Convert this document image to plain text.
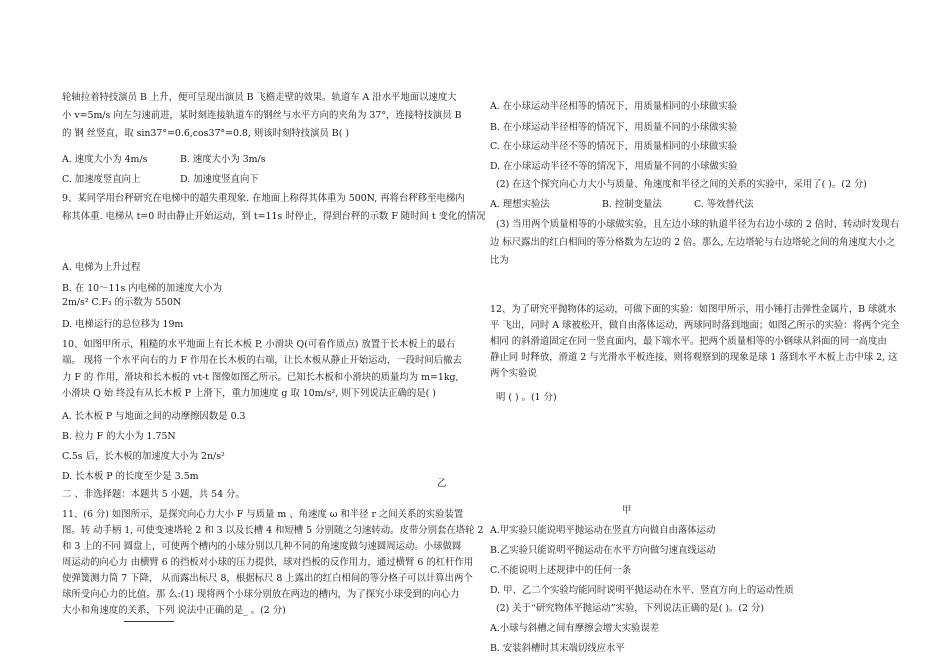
轮轴拉着特技演员 B 上升，便可呈现出演员 B 飞檐走壁的效果。轨道车 A 沿水平地面以速度大
小 v=5m/s 向左匀速前进，某时刻连接轨道车的钢丝与水平方向的夹角为 37°，连接特技演员 B
的 钢 丝竖直，取 sin37°=0.6,cos37°=0.8, 则该时刻特技演员 B( )
A. 速度大小为 4m/s	B. 速度大小为 3m/s
C. 加速度竖直向上	D. 加速度竖直向下
9、某同学用台秤研究在电梯中的超失重现象. 在地面上称得其体重为 500N, 再将台秤移至电梯内
称其体重. 电梯从 t=0 时由静止开始运动，到 t=11s 时停止，得到台秤的示数 F 随时间 t 变化的情况
A. 电梯为上升过程
B. 在 10～11s 内电梯的加速度大小为
2m/s² C.F₃ 的示数为 550N
D. 电梯运行的总位移为 19m
10、如图甲所示，粗糙的水平地面上有长木板 P, 小滑块 Q(可看作质点) 放置于长木板上的最右
端。 现将一个水平向右的力 F 作用在长木板的右端，让长木板从静止开始运动，一段时间后撤去
力 F 的 作用，滑块和长木板的 vt-t 图像如图乙所示。已知长木板和小滑块的质量均为 m=1kg,
小滑块 Q 始 终没有从长木板 P 上滑下，重力加速度 g 取 10m/s², 则下列说法正确的是( )
A. 长木板 P 与地面之间的动摩擦因数是 0.3
B. 拉力 F 的大小为 1.75N
C.5s 后，长木板的加速度大小为 2n/s²
D. 长木板 P 的长度至少是 3.5m
二 、非选择题：本题共 5 小题，共 54 分。
11、(6 分) 如图所示，是探究向心力大小 F 与质量 m 、角速度 ω 和半径 r 之间关系的实验装置
图。转 动手柄 1, 可使变速塔轮 2 和 3 以及长槽 4 和短槽 5 分别随之匀速转动。皮带分别套在塔轮 2
和 3 上的不同 圆盘上，可使两个槽内的小球分别以几种不同的角速度做匀速圆周运动。小球做圆
周运动的向心力 由横臂 6 的挡板对小球的压力提供，球对挡板的反作用力，通过横臂 6 的杠杆作用
使弹簧测力筒 7 下降， 从而露出标尺 8，根据标尺 8 上露出的红白相间的等分格子可以计算出两个
球所受向心力的比值。那 么:(1) 现将两个小球分别放在两边的槽内，为了探究小球受到的向心力
大小和角速度的关系，下列 说法中正确的是_ 。(2 分)
乙
甲
A. 在小球运动半径相等的情况下，用质量相同的小球做实验
B. 在小球运动半径相等的情况下，用质量不同的小球做实验
C. 在小球运动半径不等的情况下，用质量相同的小球做实验
D. 在小球运动半径不等的情况下，用质量不同的小球做实验
(2) 在这个探究向心力大小与质量、角速度和半径之间的关系的实验中，采用了( )。(2 分)
A. 理想实验法	B. 控制变量法	C. 等效替代法
(3) 当用两个质量相等的小球做实验，且左边小球的轨道半径为右边小球的 2 倍时，转动时发现右
边 标尺露出的红白相间的等分格数为左边的 2 倍。那么, 左边塔轮与右边塔轮之间的角速度大小之
比为
12、为了研究平抛物体的运动，可做下面的实验：如图甲所示，用小锤打击弹性金属片，B 球就水
平 飞出，同时 A 球被松开，做自由落体运动，两球同时落到地面；如图乙所示的实验：将两个完全
相同 的斜滑道固定在同一竖直面内，最下端水平。把两个质量相等的小钢球从斜面的同一高度由
静止同 时释放，滑道 2 与光滑水平板连接，则将观察到的现象是球 1 落到水平木板上击中球 2, 这
两个实验说
明 ( ) 。(1 分)
A.甲实验只能说明平抛运动在竖直方向做自由落体运动
B.乙实验只能说明平抛运动在水平方向做匀速直线运动
C.不能说明上述规律中的任何一条
D. 甲、乙二个实验均能同时说明平抛运动在水平、竖直方向上的运动性质
(2) 关于“研究物体平抛运动”实验，下列说法正确的是( )。(2 分)
A.小球与斜槽之间有摩擦会增大实验误差
B. 安装斜槽时其末端切线应水平
